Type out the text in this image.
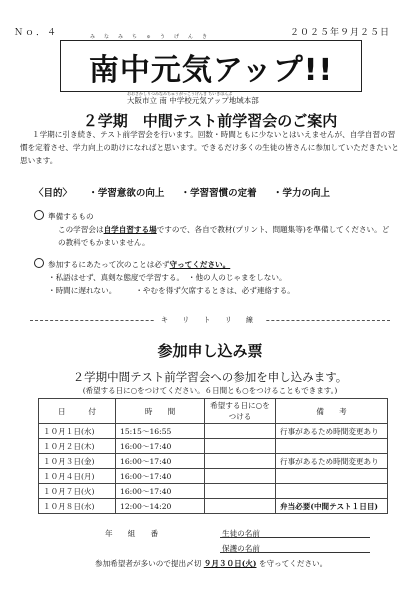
Ｎｏ．４	２０２５年９月２５日
みなみちゅうげんき
南中元気アップ!!
おおさかしりつみなみちゅうがっこうげんき ちいきほんぶ
大阪市立 南 中学校元気アップ地域本部
２学期　中間テスト前学習会のご案内
１学期に引き続き、テスト前学習会を行います。回数・時間ともに少ないとはいえませんが、自学自習の習慣を定着させ、学力向上の助けになればと思います。できるだけ多くの生徒の皆さんに参加していただきたいと思います。
〈目的〉 ・学習意欲の向上 ・学習習慣の定着 ・学力の向上
準備するもの
この学習会は自学自習する場ですので、各自で教材(プリント、問題集等)を準備してください。どの教科でもかまいません。
参加するにあたって次のことは必ず守ってください。
・私語はせず、真剣な態度で学習する。　・他の人のじゃまをしない。
・時間に遅れない。　　　・やむを得ず欠席するときは、必ず連絡する。
キ リ ト リ 線
参加申し込み票
２学期中間テスト前学習会への参加を申し込みます。
(希望する日に○をつけてください。６日間とも○をつけることもできます。)
日　　　付	時　　間	希望する日に○をつける	備　　考
１０月１日(水)	15:15～16:55		行事があるため時間変更あり
１０月２日(木)	16:00～17:40		
１０月３日(金)	16:00～17:40		行事があるため時間変更あり
１０月４日(月)	16:00～17:40		
１０月７日(火)	16:00～17:40		
１０月８日(水)	12:00～14:20		弁当必要(中間テスト１日目)
年　　組　　番	生徒の名前
保護の名前
参加希望者が多いので提出〆切 ９月３０日(火) を守ってください。
